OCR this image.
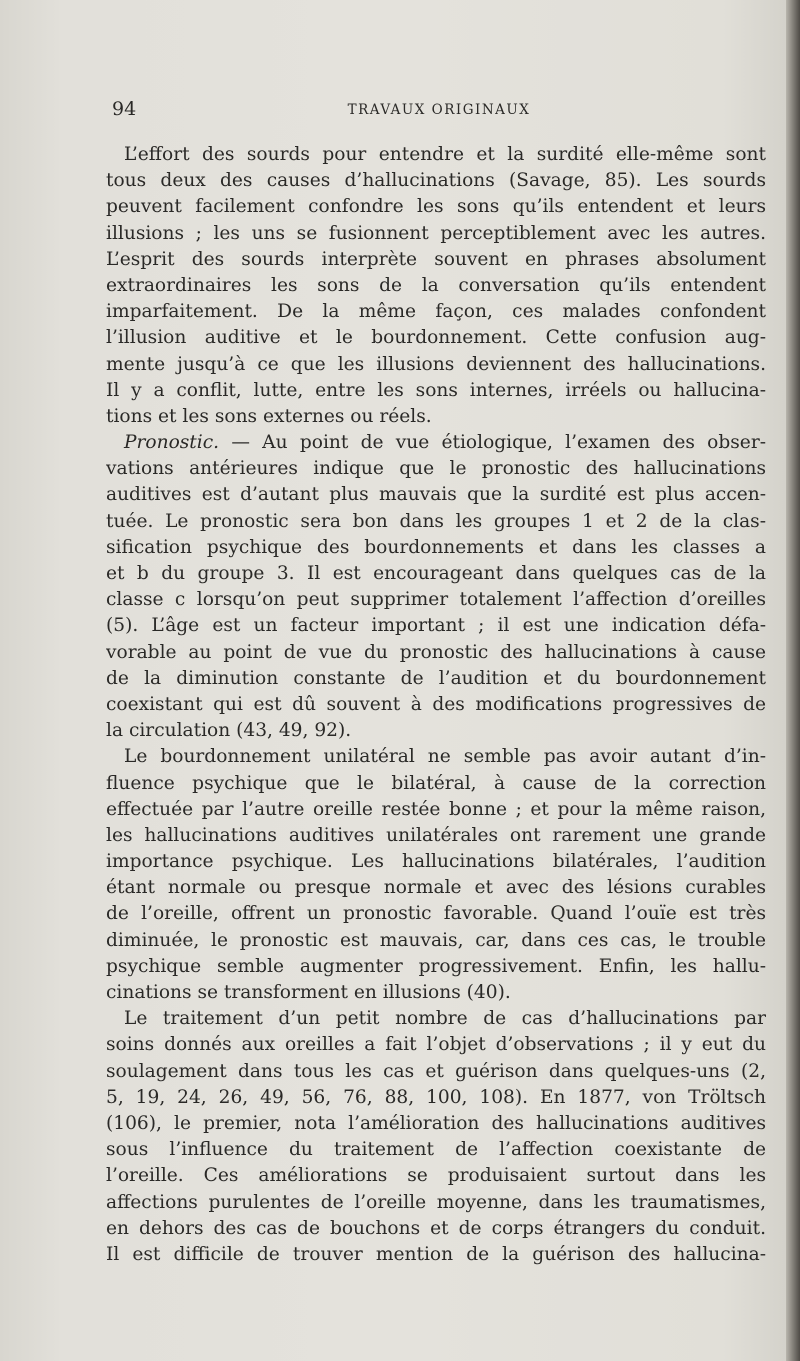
94	TRAVAUX ORIGINAUX
L’effort des sourds pour entendre et la surdité elle-même sont
tous deux des causes d’hallucinations (Savage, 85). Les sourds
peuvent facilement confondre les sons qu’ils entendent et leurs
illusions ; les uns se fusionnent perceptiblement avec les autres.
L’esprit des sourds interprète souvent en phrases absolument
extraordinaires les sons de la conversation qu’ils entendent
imparfaitement. De la même façon, ces malades confondent
l’illusion auditive et le bourdonnement. Cette confusion aug-
mente jusqu’à ce que les illusions deviennent des hallucinations.
Il y a conflit, lutte, entre les sons internes, irréels ou hallucina-
tions et les sons externes ou réels.
Pronostic. — Au point de vue étiologique, l’examen des obser-
vations antérieures indique que le pronostic des hallucinations
auditives est d’autant plus mauvais que la surdité est plus accen-
tuée. Le pronostic sera bon dans les groupes 1 et 2 de la clas-
sification psychique des bourdonnements et dans les classes a
et b du groupe 3. Il est encourageant dans quelques cas de la
classe c lorsqu’on peut supprimer totalement l’affection d’oreilles
(5). L’âge est un facteur important ; il est une indication défa-
vorable au point de vue du pronostic des hallucinations à cause
de la diminution constante de l’audition et du bourdonnement
coexistant qui est dû souvent à des modifications progressives de
la circulation (43, 49, 92).
Le bourdonnement unilatéral ne semble pas avoir autant d’in-
fluence psychique que le bilatéral, à cause de la correction
effectuée par l’autre oreille restée bonne ; et pour la même raison,
les hallucinations auditives unilatérales ont rarement une grande
importance psychique. Les hallucinations bilatérales, l’audition
étant normale ou presque normale et avec des lésions curables
de l’oreille, offrent un pronostic favorable. Quand l’ouïe est très
diminuée, le pronostic est mauvais, car, dans ces cas, le trouble
psychique semble augmenter progressivement. Enfin, les hallu-
cinations se transforment en illusions (40).
Le traitement d’un petit nombre de cas d’hallucinations par
soins donnés aux oreilles a fait l’objet d’observations ; il y eut du
soulagement dans tous les cas et guérison dans quelques-uns (2,
5, 19, 24, 26, 49, 56, 76, 88, 100, 108). En 1877, von Tröltsch
(106), le premier, nota l’amélioration des hallucinations auditives
sous l’influence du traitement de l’affection coexistante de
l’oreille. Ces améliorations se produisaient surtout dans les
affections purulentes de l’oreille moyenne, dans les traumatismes,
en dehors des cas de bouchons et de corps étrangers du conduit.
Il est difficile de trouver mention de la guérison des hallucina-
